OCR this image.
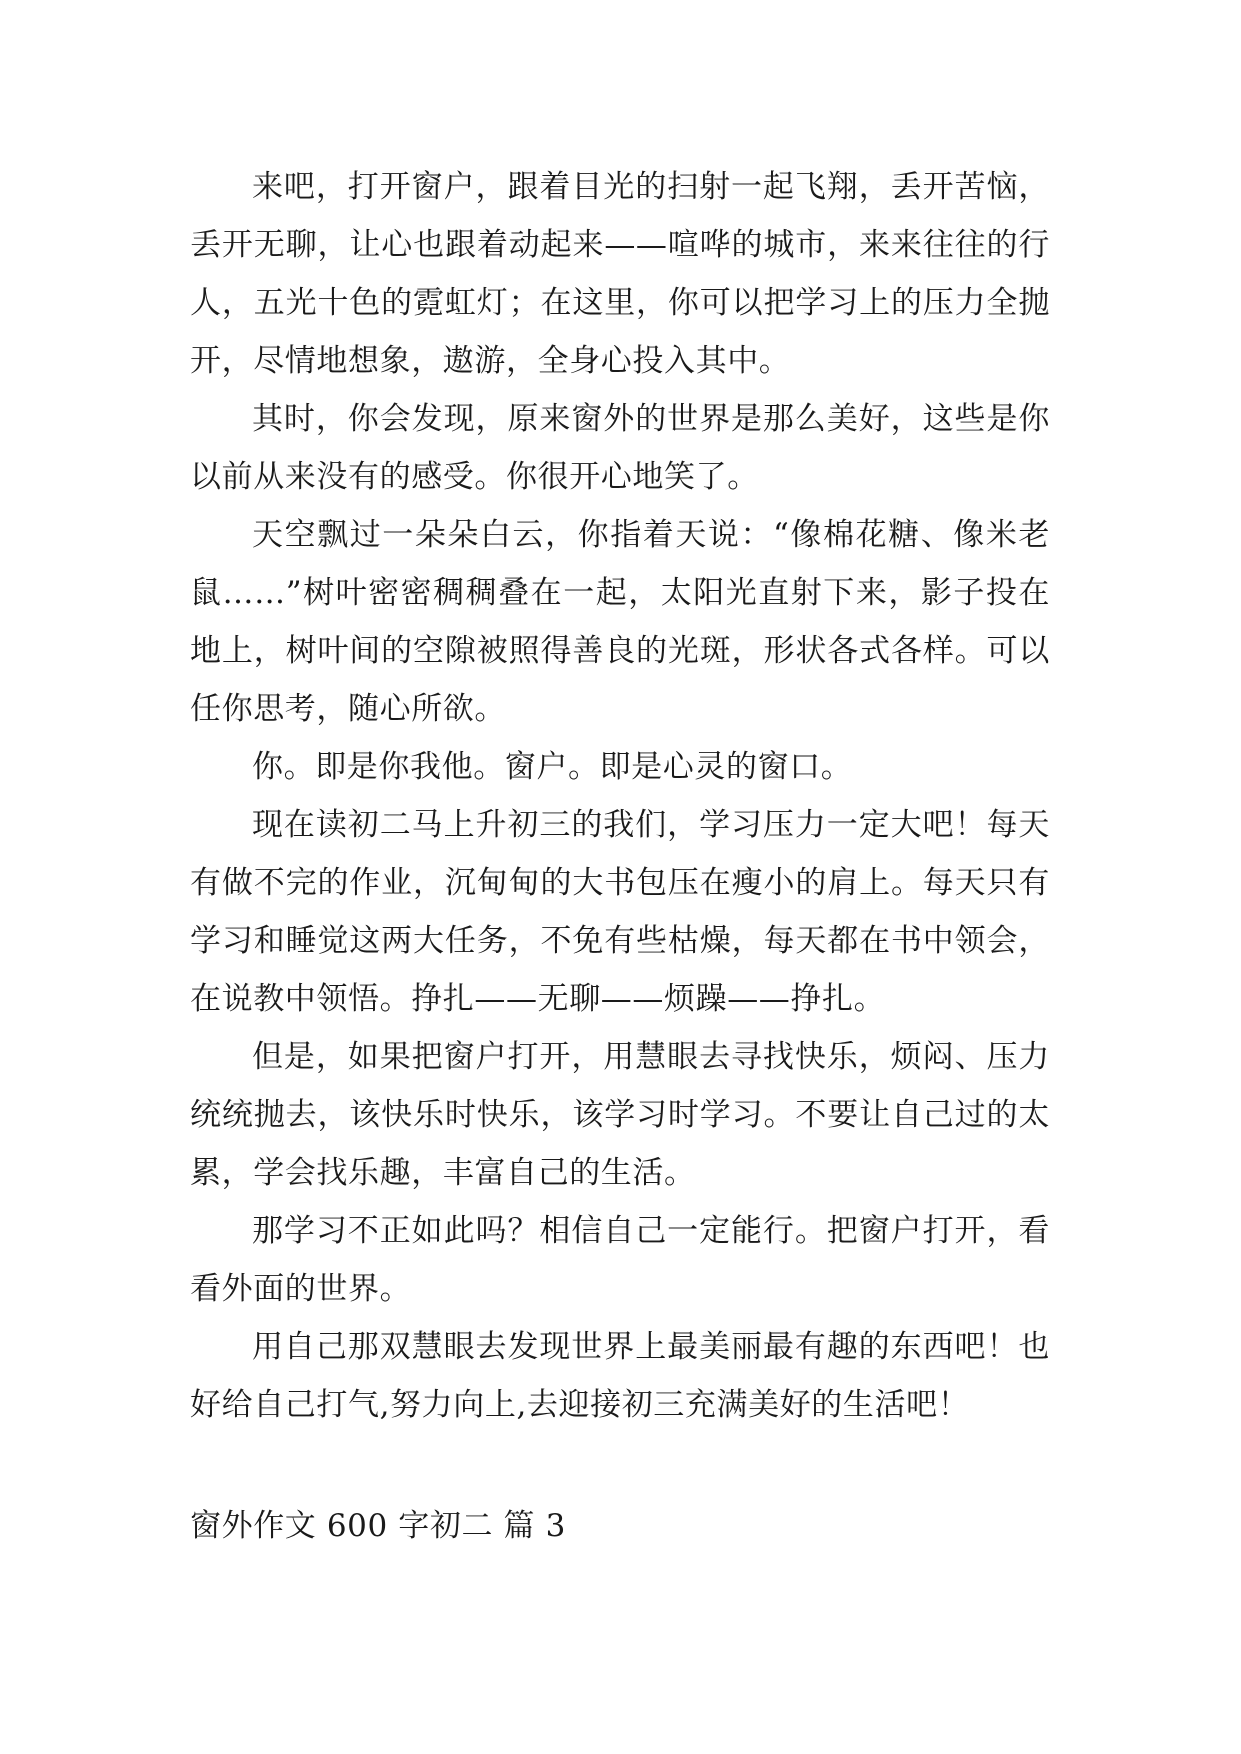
来吧，打开窗户，跟着目光的扫射一起飞翔，丢开苦恼，丢开无聊，让心也跟着动起来——喧哗的城市，来来往往的行人，五光十色的霓虹灯；在这里，你可以把学习上的压力全抛开，尽情地想象，遨游，全身心投入其中。

其时，你会发现，原来窗外的世界是那么美好，这些是你以前从来没有的感受。你很开心地笑了。

天空飘过一朵朵白云，你指着天说：“像棉花糖、像米老鼠……”树叶密密稠稠叠在一起，太阳光直射下来，影子投在地上，树叶间的空隙被照得善良的光斑，形状各式各样。可以任你思考，随心所欲。

你。即是你我他。窗户。即是心灵的窗口。

现在读初二马上升初三的我们，学习压力一定大吧！每天有做不完的作业，沉甸甸的大书包压在瘦小的肩上。每天只有学习和睡觉这两大任务，不免有些枯燥，每天都在书中领会，在说教中领悟。挣扎——无聊——烦躁——挣扎。

但是，如果把窗户打开，用慧眼去寻找快乐，烦闷、压力统统抛去，该快乐时快乐，该学习时学习。不要让自己过的太累，学会找乐趣，丰富自己的生活。

那学习不正如此吗？相信自己一定能行。把窗户打开，看看外面的世界。

用自己那双慧眼去发现世界上最美丽最有趣的东西吧！也好给自己打气,努力向上,去迎接初三充满美好的生活吧！

窗外作文 600 字初二 篇 3
